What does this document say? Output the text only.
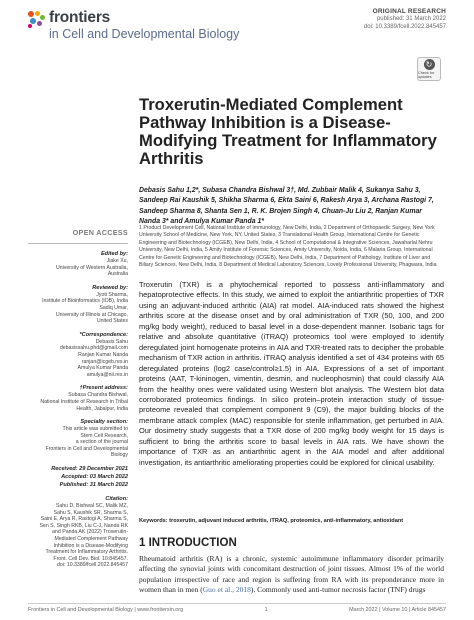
frontiers
in Cell and Developmental Biology
ORIGINAL RESEARCH
published: 31 March 2022
doi: 10.3389/fcell.2022.845457
↻
Check for updates
Troxerutin-Mediated Complement Pathway Inhibition is a Disease-Modifying Treatment for Inflammatory Arthritis
Debasis Sahu 1,2*, Subasa Chandra Bishwal 3†, Md. Zubbair Malik 4, Sukanya Sahu 3, Sandeep Rai Kaushik 5, Shikha Sharma 6, Ekta Saini 6, Rakesh Arya 3, Archana Rastogi 7, Sandeep Sharma 8, Shanta Sen 1, R. K. Brojen Singh 4, Chuan-Ju Liu 2, Ranjan Kumar Nanda 3* and Amulya Kumar Panda 1*
1 Product Development Cell, National Institute of Immunology, New Delhi, India, 2 Department of Orthopaedic Surgery, New York University School of Medicine, New York, NY, United States, 3 Translational Health Group, International Centre for Genetic Engineering and Biotechnology (ICGEB), New Delhi, India, 4 School of Computational & Integrative Sciences, Jawaharlal Nehru University, New Delhi, India, 5 Amity Institute of Forensic Sciences, Amity University, Noida, India, 6 Malaria Group, International Centre for Genetic Engineering and Biotechnology (ICGEB), New Delhi, India, 7 Department of Pathology, Institute of Liver and Biliary Sciences, New Delhi, India, 8 Department of Medical Laboratory Sciences, Lovely Professional University, Phagwara, India
Troxerutin (TXR) is a phytochemical reported to possess anti-inflammatory and hepatoprotective effects. In this study, we aimed to exploit the antiarthritic properties of TXR using an adjuvant-induced arthritic (AIA) rat model. AIA-induced rats showed the highest arthritis score at the disease onset and by oral administration of TXR (50, 100, and 200 mg/kg body weight), reduced to basal level in a dose-dependent manner. Isobaric tags for relative and absolute quantitative (iTRAQ) proteomics tool were employed to identify deregulated joint homogenate proteins in AIA and TXR-treated rats to decipher the probable mechanism of TXR action in arthritis. iTRAQ analysis identified a set of 434 proteins with 65 deregulated proteins (log2 case/control≥1.5) in AIA. Expressions of a set of important proteins (AAT, T-kininogen, vimentin, desmin, and nucleophosmin) that could classify AIA from the healthy ones were validated using Western blot analysis. The Western blot data corroborated proteomics findings. In silico protein–protein interaction study of tissue-proteome revealed that complement component 9 (C9), the major building blocks of the membrane attack complex (MAC) responsible for sterile inflammation, get perturbed in AIA. Our dosimetry study suggests that a TXR dose of 200 mg/kg body weight for 15 days is sufficient to bring the arthritis score to basal levels in AIA rats. We have shown the importance of TXR as an antiarthritic agent in the AIA model and after additional investigation, its antiarthritic ameliorating properties could be explored for clinical usability.
Keywords: troxerutin, adjuvant induced arthritis, iTRAQ, proteomics, anti-inflammatory, antioxidant
1 INTRODUCTION
Rheumatoid arthritis (RA) is a chronic, systemic autoimmune inflammatory disorder primarily affecting the synovial joints with concomitant destruction of joint tissues. Almost 1% of the world population irrespective of race and region is suffering from RA with its preponderance more in women than in men (Guo et al., 2018). Commonly used anti-tumor necrosis factor (TNF) drugs
OPEN ACCESS
Edited by:
Jiake Xu,
University of Western Australia,
Australia
Reviewed by:
Jyoti Sharma,
Institute of Bioinformatics (IOB), India
Sadiq Umar,
University of Illinois at Chicago,
United States
*Correspondence:
Debasis Sahu
debasissahu.phd@gmail.com
Ranjan Kumar Nanda
ranjan@icgeb.res.in
Amulya Kumar Panda
amulya@nii.res.in
†Present address:
Subasa Chandra Bishwal,
National Institute of Research in Tribal
Health, Jabalpur, India
Specialty section:
This article was submitted to
Stem Cell Research,
a section of the journal
Frontiers in Cell and Developmental
Biology
Received: 29 December 2021
Accepted: 03 March 2022
Published: 31 March 2022
Citation:
Sahu D, Bishwal SC, Malik MZ,
Sahu S, Kaushik SR, Sharma S,
Saini E, Arya R, Rastogi A, Sharma S,
Sen S, Singh RKB, Liu C-J, Nanda RK
and Panda AK (2022) Troxerutin-
Mediated Complement Pathway
Inhibition is a Disease-Modifying
Treatment for Inflammatory Arthritis.
Front. Cell Dev. Biol. 10:845457.
doi: 10.3389/fcell.2022.845457
Frontiers in Cell and Developmental Biology | www.frontiersin.org	1	March 2022 | Volume 10 | Article 845457
